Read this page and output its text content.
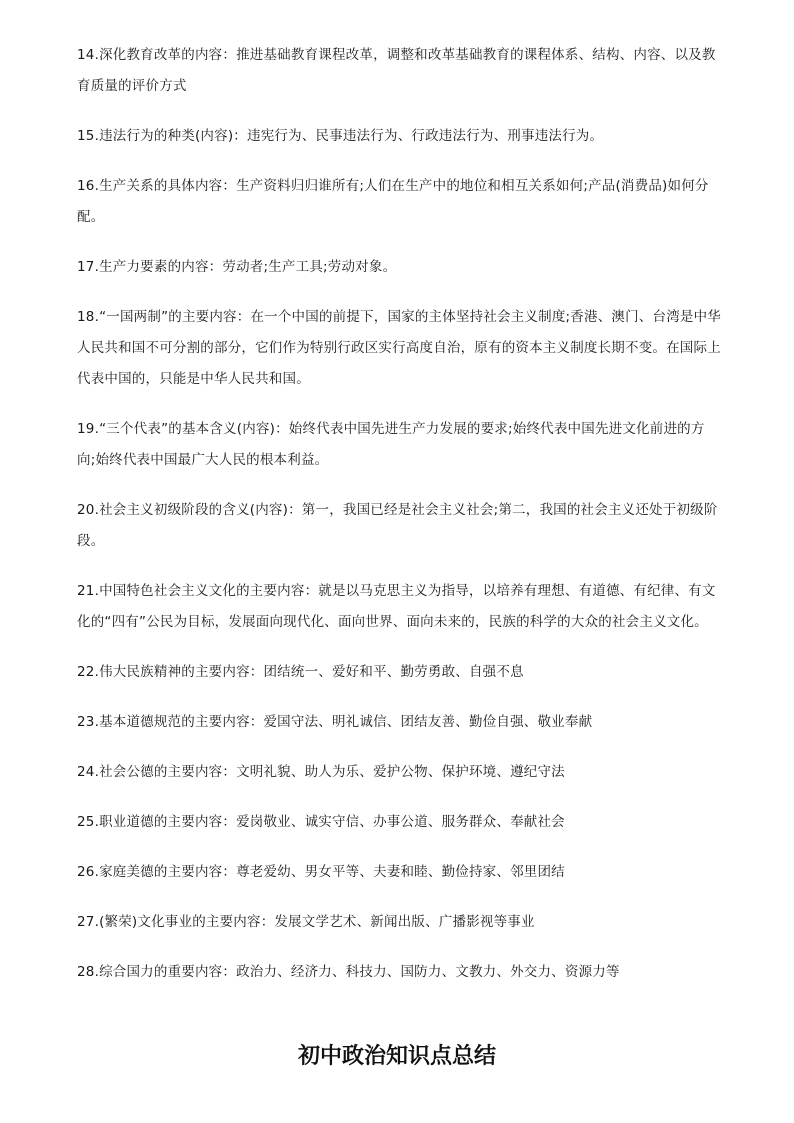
14.深化教育改革的内容：推进基础教育课程改革，调整和改革基础教育的课程体系、结构、内容、以及教育质量的评价方式

15.违法行为的种类(内容)：违宪行为、民事违法行为、行政违法行为、刑事违法行为。

16.生产关系的具体内容：生产资料归归谁所有;人们在生产中的地位和相互关系如何;产品(消费品)如何分配。

17.生产力要素的内容：劳动者;生产工具;劳动对象。

18.“一国两制”的主要内容：在一个中国的前提下，国家的主体坚持社会主义制度;香港、澳门、台湾是中华人民共和国不可分割的部分，它们作为特别行政区实行高度自治，原有的资本主义制度长期不变。在国际上代表中国的，只能是中华人民共和国。

19.“三个代表”的基本含义(内容)：始终代表中国先进生产力发展的要求;始终代表中国先进文化前进的方向;始终代表中国最广大人民的根本利益。

20.社会主义初级阶段的含义(内容)：第一，我国已经是社会主义社会;第二，我国的社会主义还处于初级阶段。

21.中国特色社会主义文化的主要内容：就是以马克思主义为指导，以培养有理想、有道德、有纪律、有文化的“四有”公民为目标，发展面向现代化、面向世界、面向未来的，民族的科学的大众的社会主义文化。

22.伟大民族精神的主要内容：团结统一、爱好和平、勤劳勇敢、自强不息

23.基本道德规范的主要内容：爱国守法、明礼诚信、团结友善、勤俭自强、敬业奉献

24.社会公德的主要内容：文明礼貌、助人为乐、爱护公物、保护环境、遵纪守法

25.职业道德的主要内容：爱岗敬业、诚实守信、办事公道、服务群众、奉献社会

26.家庭美德的主要内容：尊老爱幼、男女平等、夫妻和睦、勤俭持家、邻里团结

27.(繁荣)文化事业的主要内容：发展文学艺术、新闻出版、广播影视等事业

28.综合国力的重要内容：政治力、经济力、科技力、国防力、文教力、外交力、资源力等

初中政治知识点总结
